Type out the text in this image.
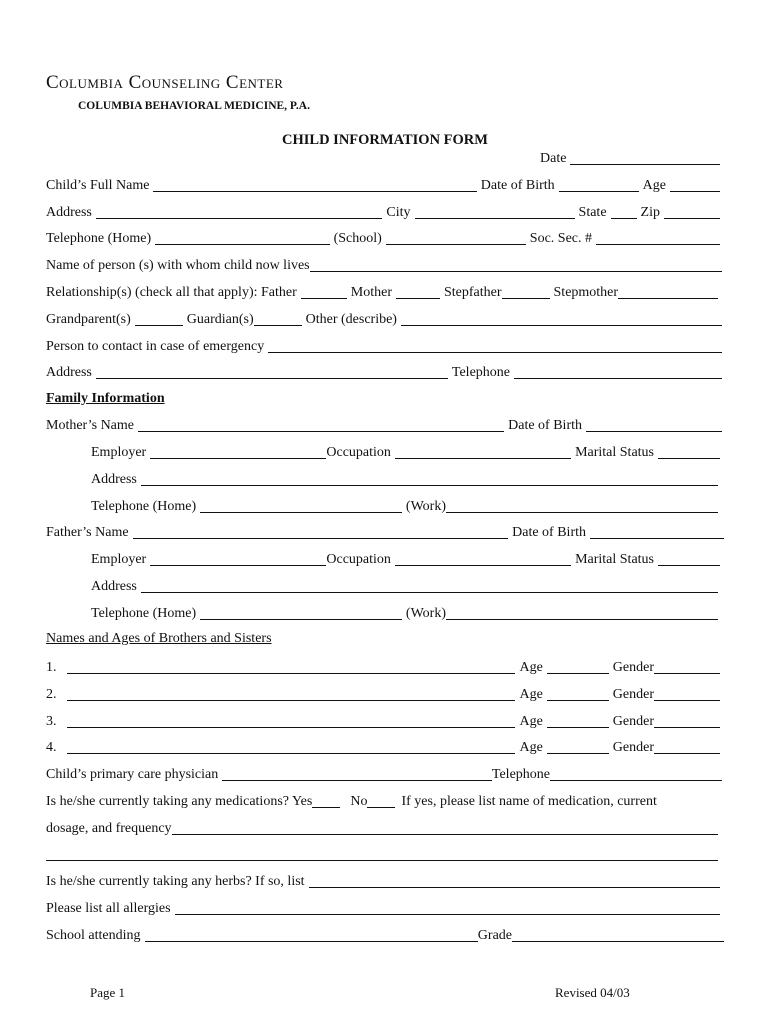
Columbia Counseling Center
COLUMBIA BEHAVIORAL MEDICINE, P.A.
CHILD INFORMATION FORM
Date
Child’s Full Name	Date of Birth	Age
Address	City	State Zip
Telephone (Home)	(School)	Soc. Sec. #
Name of person (s) with whom child now lives
Relationship(s) (check all that apply): Father	Mother	Stepfather	Stepmother
Grandparent(s)	Guardian(s)	Other (describe)
Person to contact in case of emergency
Address	Telephone
Family Information
Mother’s Name	Date of Birth
Employer	Occupation	Marital Status
Address
Telephone (Home)	(Work)
Father’s Name	Date of Birth
Employer	Occupation	Marital Status
Address
Telephone (Home)	(Work)
Names and Ages of Brothers and Sisters
1.	Age	Gender
2.	Age	Gender
3.	Age	Gender
4.	Age	Gender
Child’s primary care physician	Telephone
Is he/she currently taking any medications? Yes	No If yes, please list name of medication, current
dosage, and frequency
Is he/she currently taking any herbs? If so, list
Please list all allergies
School attending	Grade
Page 1	Revised 04/03
